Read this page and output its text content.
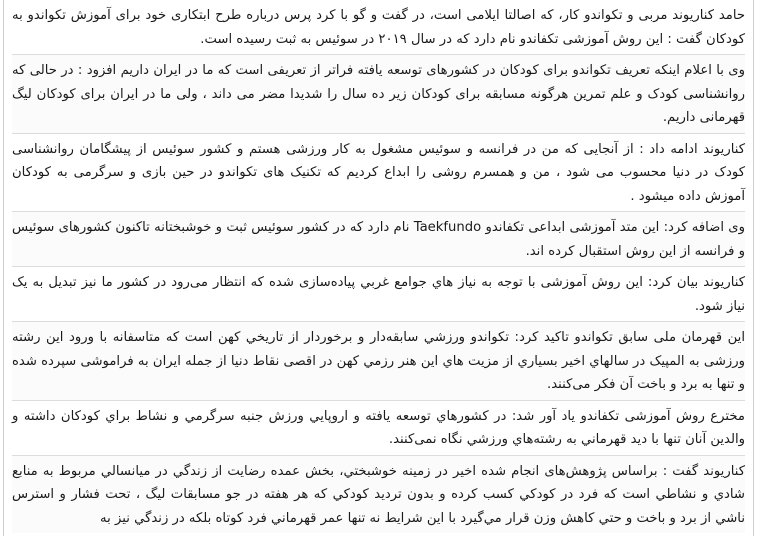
حامد کناریوند مربی و تکواندو کار، که اصالتا ایلامی است، در گفت و گو با کرد پرس درباره طرح ابتکاری خود برای آموزش تکواندو به کودکان گفت : این روش آموزشی تکفاندو نام دارد که در سال ۲۰۱۹ در سوئیس به ثبت رسیده است.

وی با اعلام اینکه تعریف تکواندو برای کودکان در کشورهای توسعه یافته فراتر از تعریفی است که ما در ایران داریم افزود : در حالی که روانشناسی کودک و علم تمرین هرگونه مسابقه برای کودکان زیر ده سال را شدیدا مضر می داند ، ولی ما در ایران برای کودکان لیگ قهرمانی داریم.

کناریوند ادامه داد : از آنجایی که من در فرانسه و سوئیس مشغول به کار ورزشی هستم و کشور سوئیس از پیشگامان روانشناسی کودک در دنیا محسوب می شود ، من و همسرم روشی را ابداع کردیم که تکنیک های تکواندو در حین بازی و سرگرمی به کودکان آموزش داده میشود .

وی اضافه کرد: این متد آموزشی ابداعی تکفاندو Taekfundo نام دارد که در کشور سوئیس ثبت و خوشبختانه تاکنون کشورهای سوئیس و فرانسه از این روش استقبال کرده اند.

کناریوند بیان کرد: این روش آموزشی با توجه به نیاز هاي جوامع غربي پیاده‌سازی شده که انتظار می‌رود در کشور ما نیز تبدیل به یک نیاز شود.

این قهرمان ملی سابق تکواندو تاکید کرد: تکواندو ورزشي سابقه‌دار و برخوردار از تاريخي كهن است که متاسفانه با ورود این رشته ورزشی به المپیک در سالهاي اخير بسياري از مزيت هاي اين هنر رزمي كهن در اقصی نقاط دنیا از جمله ایران به فراموشی سپرده شده و تنها به برد و باخت آن فکر می‌کنند.

مخترع روش آموزشی تکفاندو یاد آور شد: در کشورهاي توسعه یافته و اروپايي ورزش جنبه سرگرمي و نشاط براي كودكان داشته و والدين آنان تنها با ديد قهرماني به رشته‌هاي ورزشي نگاه نمی‌کنند.

کناریوند گفت : براساس پژوهش‌های انجام شده اخیر در زمینه خوشبختي، بخش عمده رضايت از زندگي در ميانسالي مربوط به منابع شادي و نشاطي است كه فرد در كودكي كسب كرده و بدون ترديد كودكي كه هر هفته در جو مسابقات ليگ ، تحت فشار و استرس ناشي از برد و باخت و حتي كاهش وزن قرار مي‌گيرد با اين شرايط نه تنها عمر قهرماني فرد كوتاه بلكه در زندگي نيز به
